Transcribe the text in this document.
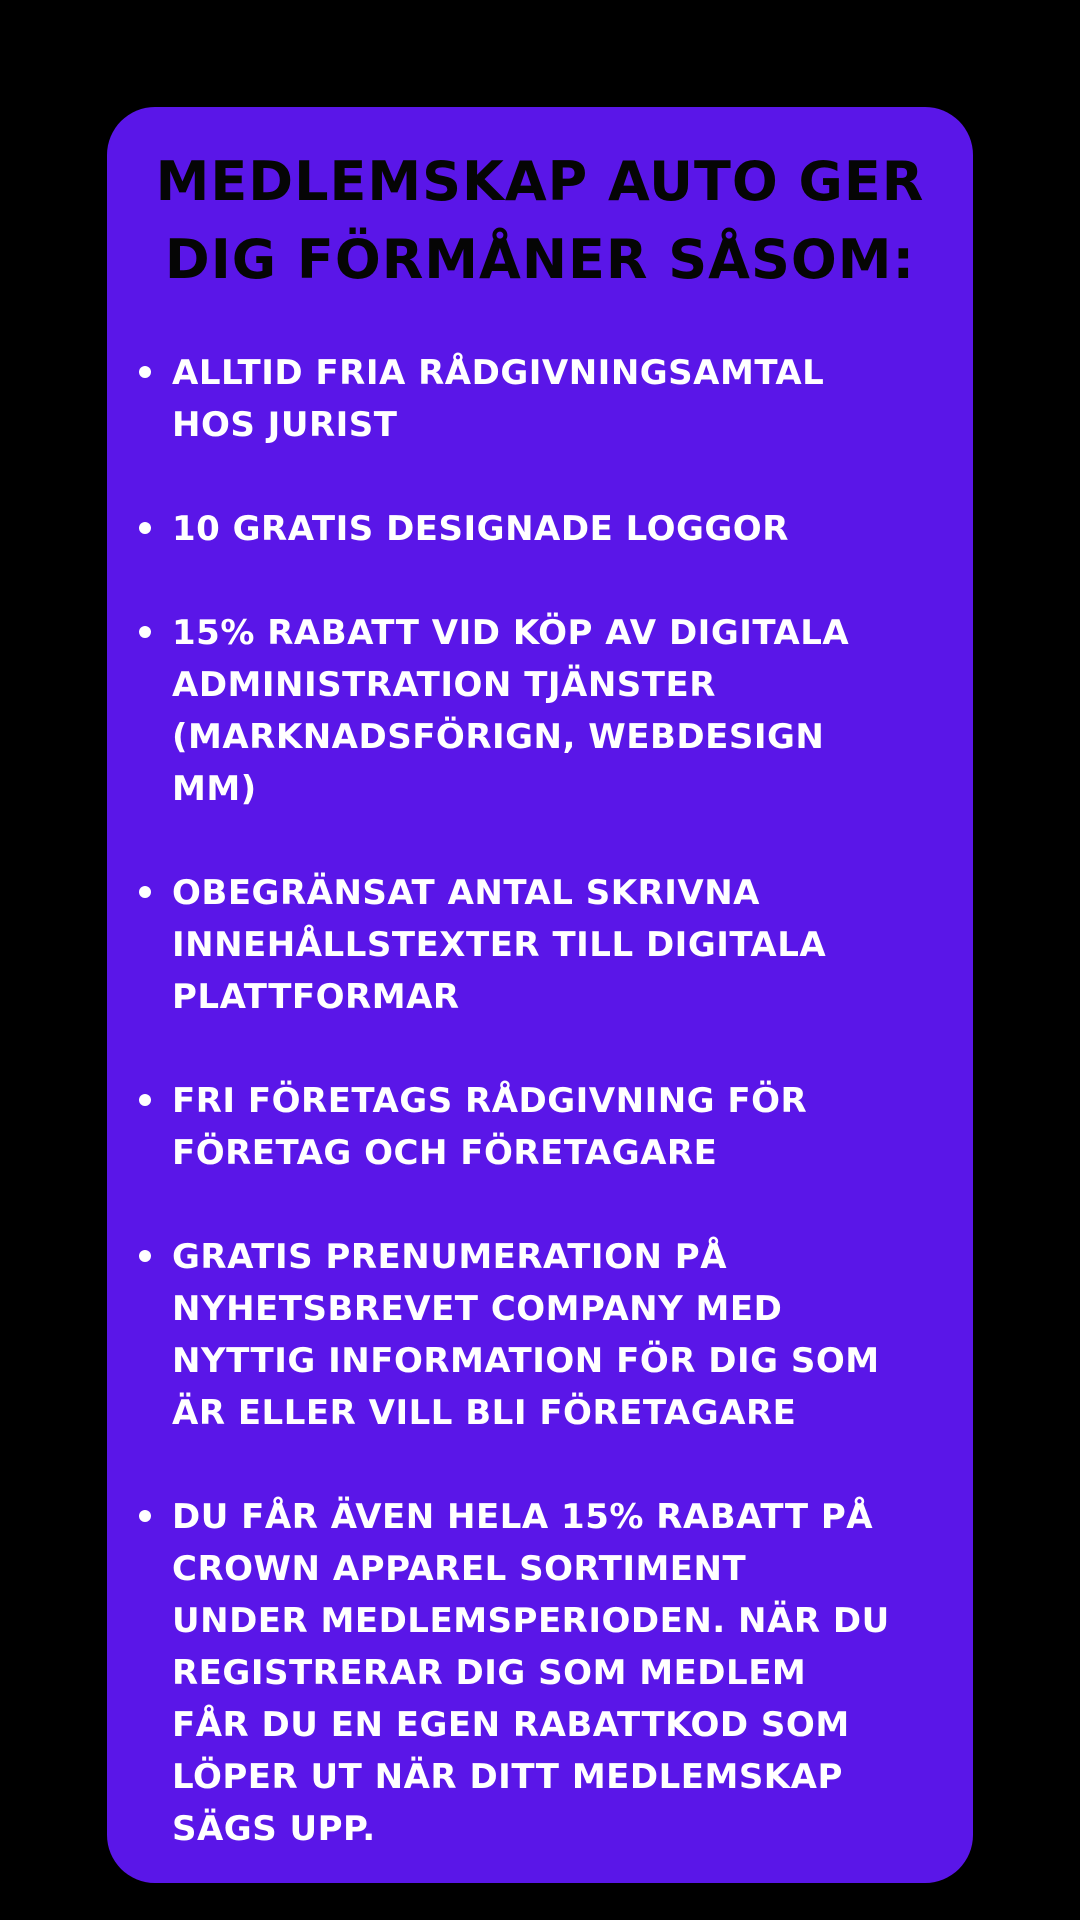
MEDLEMSKAP AUTO GER
DIG FÖRMÅNER SÅSOM:
ALLTID FRIA RÅDGIVNINGSAMTAL
HOS JURIST
10 GRATIS DESIGNADE LOGGOR
15% RABATT VID KÖP AV DIGITALA
ADMINISTRATION TJÄNSTER
(MARKNADSFÖRIGN, WEBDESIGN
MM)
OBEGRÄNSAT ANTAL SKRIVNA
INNEHÅLLSTEXTER TILL DIGITALA
PLATTFORMAR
FRI FÖRETAGS RÅDGIVNING FÖR
FÖRETAG OCH FÖRETAGARE
GRATIS PRENUMERATION PÅ
NYHETSBREVET COMPANY MED
NYTTIG INFORMATION FÖR DIG SOM
ÄR ELLER VILL BLI FÖRETAGARE
DU FÅR ÄVEN HELA 15% RABATT PÅ
CROWN APPAREL SORTIMENT
UNDER MEDLEMSPERIODEN. NÄR DU
REGISTRERAR DIG SOM MEDLEM
FÅR DU EN EGEN RABATTKOD SOM
LÖPER UT NÄR DITT MEDLEMSKAP
SÄGS UPP.
